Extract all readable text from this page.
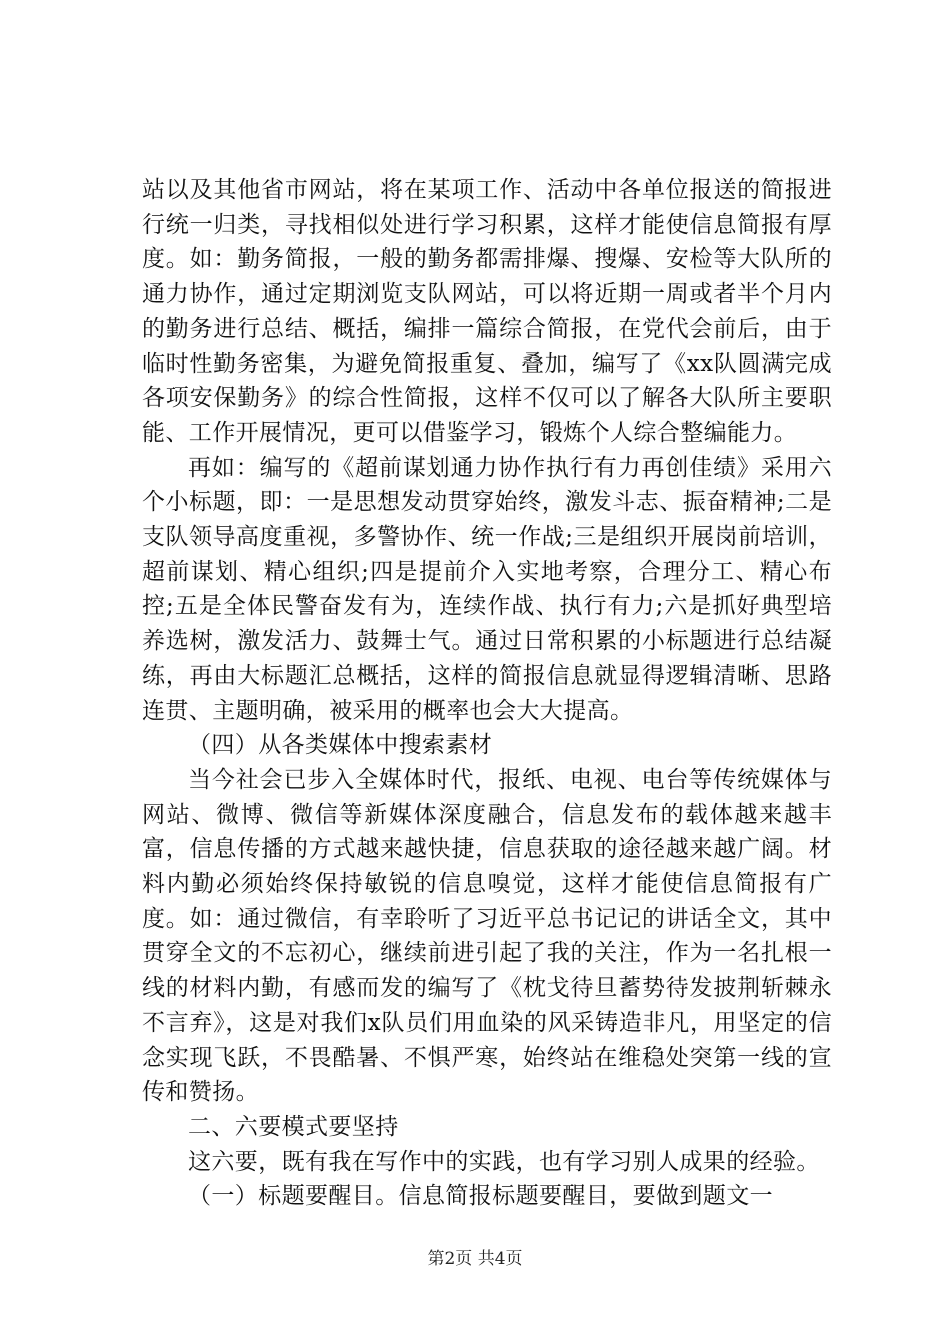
站以及其他省市网站，将在某项工作、活动中各单位报送的简报进行统一归类，寻找相似处进行学习积累，这样才能使信息简报有厚度。如：勤务简报，一般的勤务都需排爆、搜爆、安检等大队所的通力协作，通过定期浏览支队网站，可以将近期一周或者半个月内的勤务进行总结、概括，编排一篇综合简报，在党代会前后，由于临时性勤务密集，为避免简报重复、叠加，编写了《xx队圆满完成各项安保勤务》的综合性简报，这样不仅可以了解各大队所主要职能、工作开展情况，更可以借鉴学习，锻炼个人综合整编能力。

再如：编写的《超前谋划通力协作执行有力再创佳绩》采用六个小标题，即：一是思想发动贯穿始终，激发斗志、振奋精神;二是支队领导高度重视，多警协作、统一作战;三是组织开展岗前培训，超前谋划、精心组织;四是提前介入实地考察，合理分工、精心布控;五是全体民警奋发有为，连续作战、执行有力;六是抓好典型培养选树，激发活力、鼓舞士气。通过日常积累的小标题进行总结凝练，再由大标题汇总概括，这样的简报信息就显得逻辑清晰、思路连贯、主题明确，被采用的概率也会大大提高。

（四）从各类媒体中搜索素材

当今社会已步入全媒体时代，报纸、电视、电台等传统媒体与网站、微博、微信等新媒体深度融合，信息发布的载体越来越丰富，信息传播的方式越来越快捷，信息获取的途径越来越广阔。材料内勤必须始终保持敏锐的信息嗅觉，这样才能使信息简报有广度。如：通过微信，有幸聆听了习近平总书记记的讲话全文，其中贯穿全文的不忘初心，继续前进引起了我的关注，作为一名扎根一线的材料内勤，有感而发的编写了《枕戈待旦蓄势待发披荆斩棘永不言弃》，这是对我们x队员们用血染的风采铸造非凡，用坚定的信念实现飞跃，不畏酷暑、不惧严寒，始终站在维稳处突第一线的宣传和赞扬。

二、六要模式要坚持

这六要，既有我在写作中的实践，也有学习别人成果的经验。

（一）标题要醒目。信息简报标题要醒目，要做到题文一

第2页 共4页
